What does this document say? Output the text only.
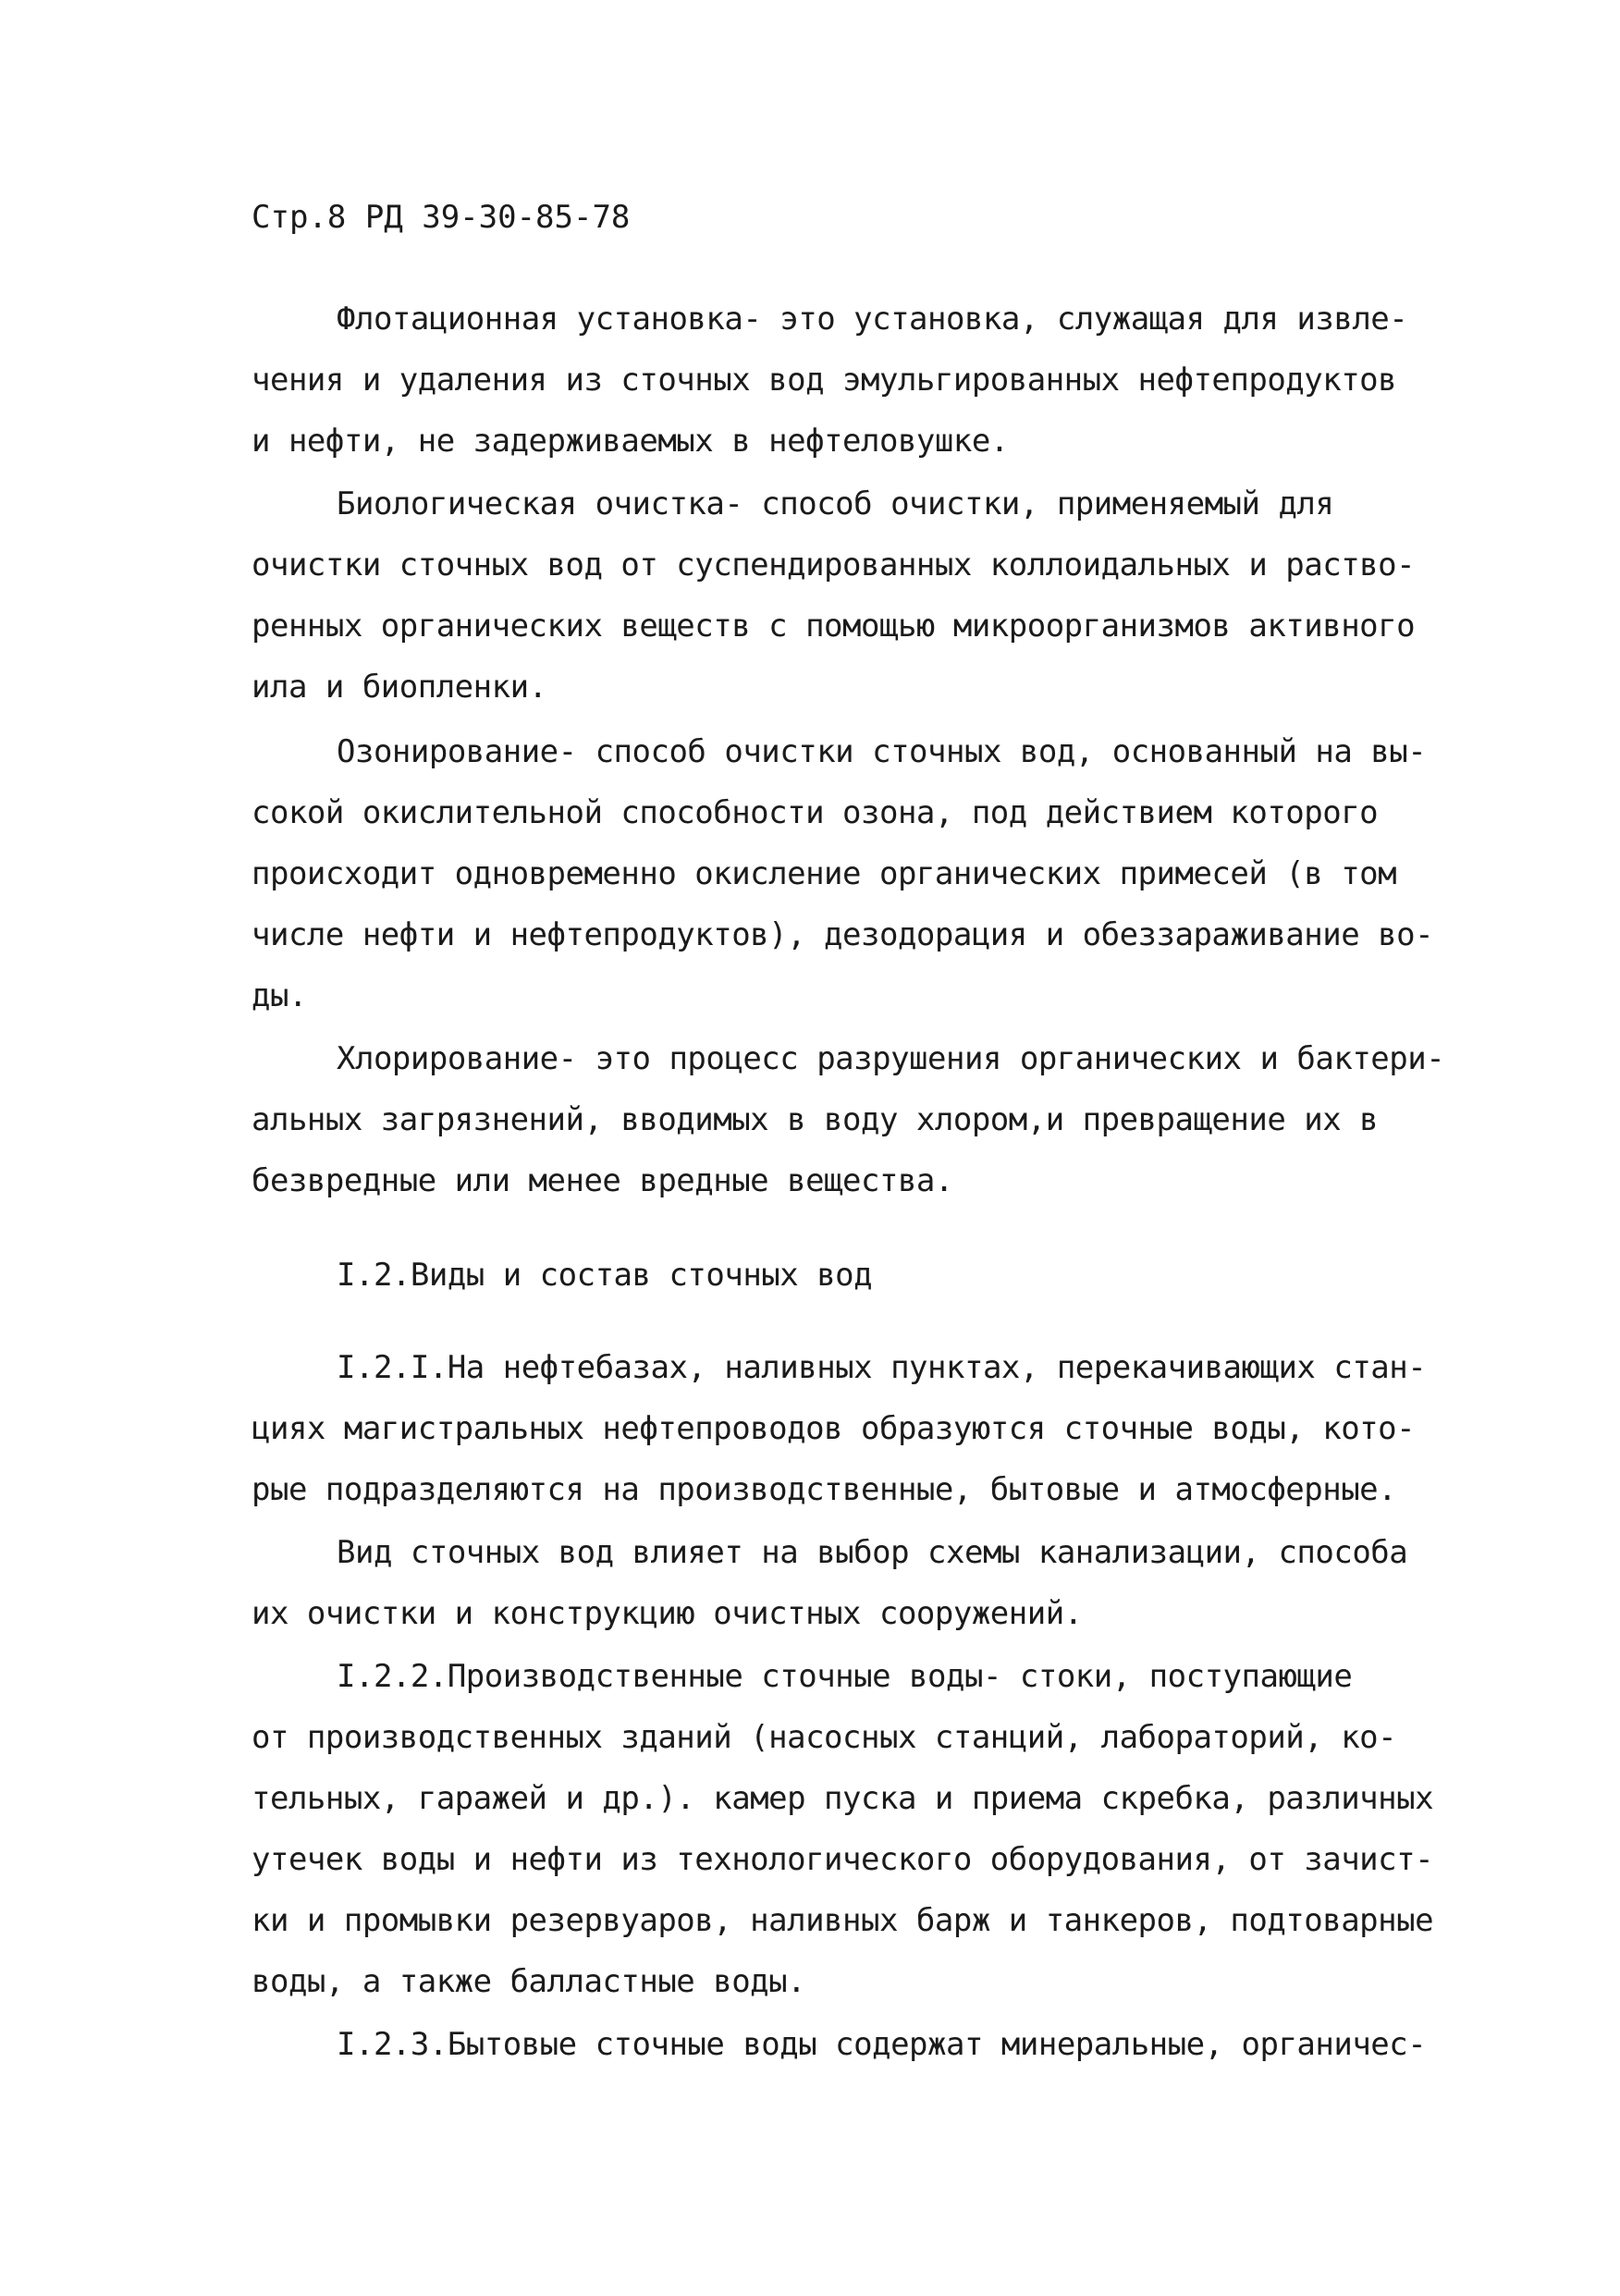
Стр.8 РД 39-30-85-78
Флотационная установка- это установка, служащая для извле-
чения и удаления из сточных вод эмульгированных нефтепродуктов
и нефти, не задерживаемых в нефтеловушке.
Биологическая очистка- способ очистки, применяемый для
очистки сточных вод от суспендированных коллоидальных и раство-
ренных органических веществ с помощью микроорганизмов активного
ила и биопленки.
Озонирование- способ очистки сточных вод, основанный на вы-
сокой окислительной способности озона, под действием которого
происходит одновременно окисление органических примесей (в том
числе нефти и нефтепродуктов), дезодорация и обеззараживание во-
ды.
Хлорирование- это процесс разрушения органических и бактери-
альных загрязнений, вводимых в воду хлором,и превращение их в
безвредные или менее вредные вещества.
I.2.Виды и состав сточных вод
I.2.I.На нефтебазах, наливных пунктах, перекачивающих стан-
циях магистральных нефтепроводов образуются сточные воды, кото-
рые подразделяются на производственные, бытовые и атмосферные.
Вид сточных вод влияет на выбор схемы канализации, способа
их очистки и конструкцию очистных сооружений.
I.2.2.Производственные сточные воды- стоки, поступающие
от производственных зданий (насосных станций, лабораторий, ко-
тельных, гаражей и др.). камер пуска и приема скребка, различных
утечек воды и нефти из технологического оборудования, от зачист-
ки и промывки резервуаров, наливных барж и танкеров, подтоварные
воды, а также балластные воды.
I.2.3.Бытовые сточные воды содержат минеральные, органичес-
